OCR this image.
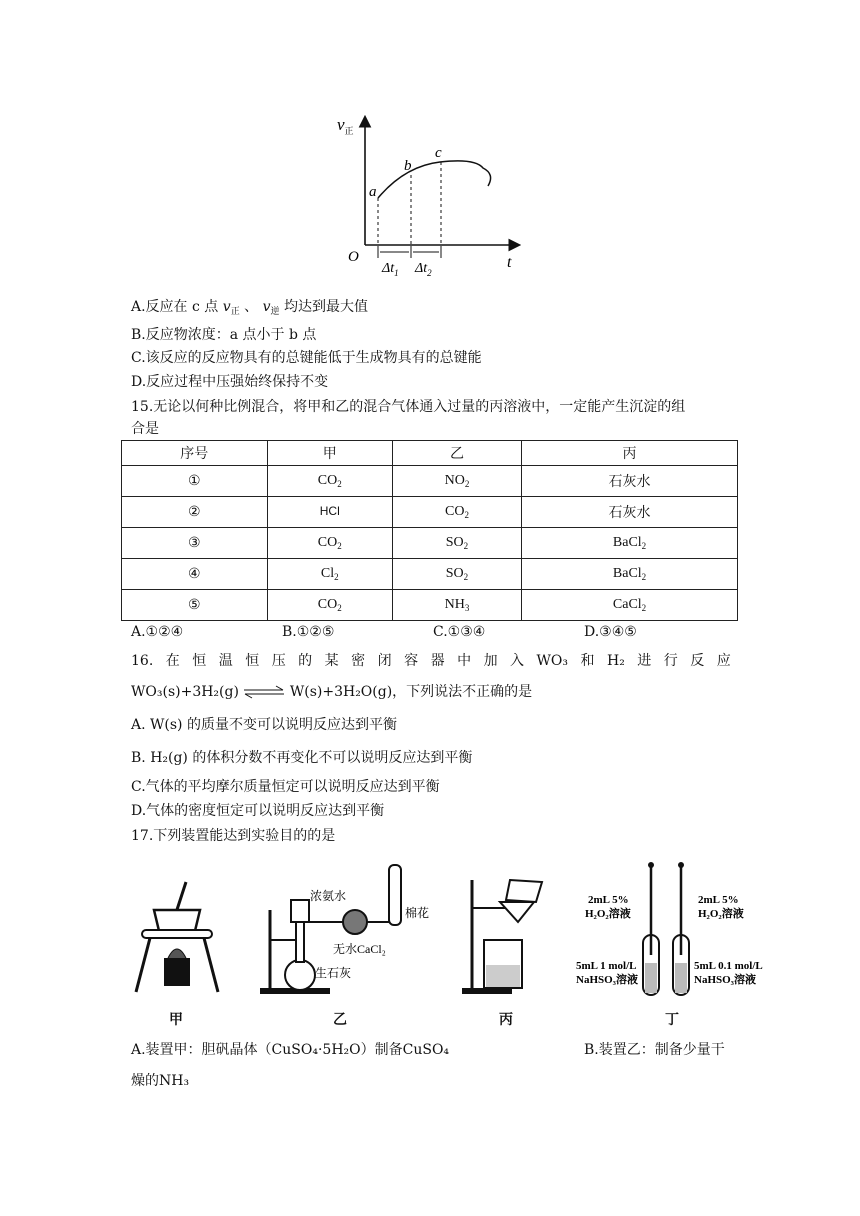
$v_正$
t
O
a
b
c
$\Delta t_1$ $\Delta t_2$
A.反应在 c 点 $v_正$ 、 $v_逆$ 均达到最大值
B.反应物浓度：a 点小于 b 点
C.该反应的反应物具有的总键能低于生成物具有的总键能
D.反应过程中压强始终保持不变
15.无论以何种比例混合，将甲和乙的混合气体通入过量的丙溶液中，一定能产生沉淀的组
合是
序号	甲	乙	丙
①	$CO_2$	$NO_2$	石灰水
②	HCl	$CO_2$	石灰水
③	$CO_2$	$SO_2$	BaCl$_2$
④	$Cl_2$	$SO_2$	BaCl$_2$
⑤	$CO_2$	$NH_3$	CaCl$_2$
A.①②④	B.①②⑤	C.①③④	D.③④⑤
16. 在 恒 温 恒 压 的 某 密 闭 容 器 中 加 入 WO₃ 和 H₂ 进 行 反 应
WO₃(s)+3H₂(g) ⇌ W(s)+3H₂O(g)，下列说法不正确的是
A. W(s) 的质量不变可以说明反应达到平衡
B. H₂(g) 的体积分数不再变化不可以说明反应达到平衡
C.气体的平均摩尔质量恒定可以说明反应达到平衡
D.气体的密度恒定可以说明反应达到平衡
17.下列装置能达到实验目的的是
浓氨水
棉花
无水CaCl₂
生石灰
2mL 5%
H₂O₂溶液
2mL 5%
H₂O₂溶液
5mL 1 mol/L
NaHSO₃溶液
5mL 0.1 mol/L
NaHSO₃溶液
甲	乙	丙	丁
A.装置甲：胆矾晶体（CuSO₄·5H₂O）制备CuSO₄	B.装置乙：制备少量干
燥的NH₃
